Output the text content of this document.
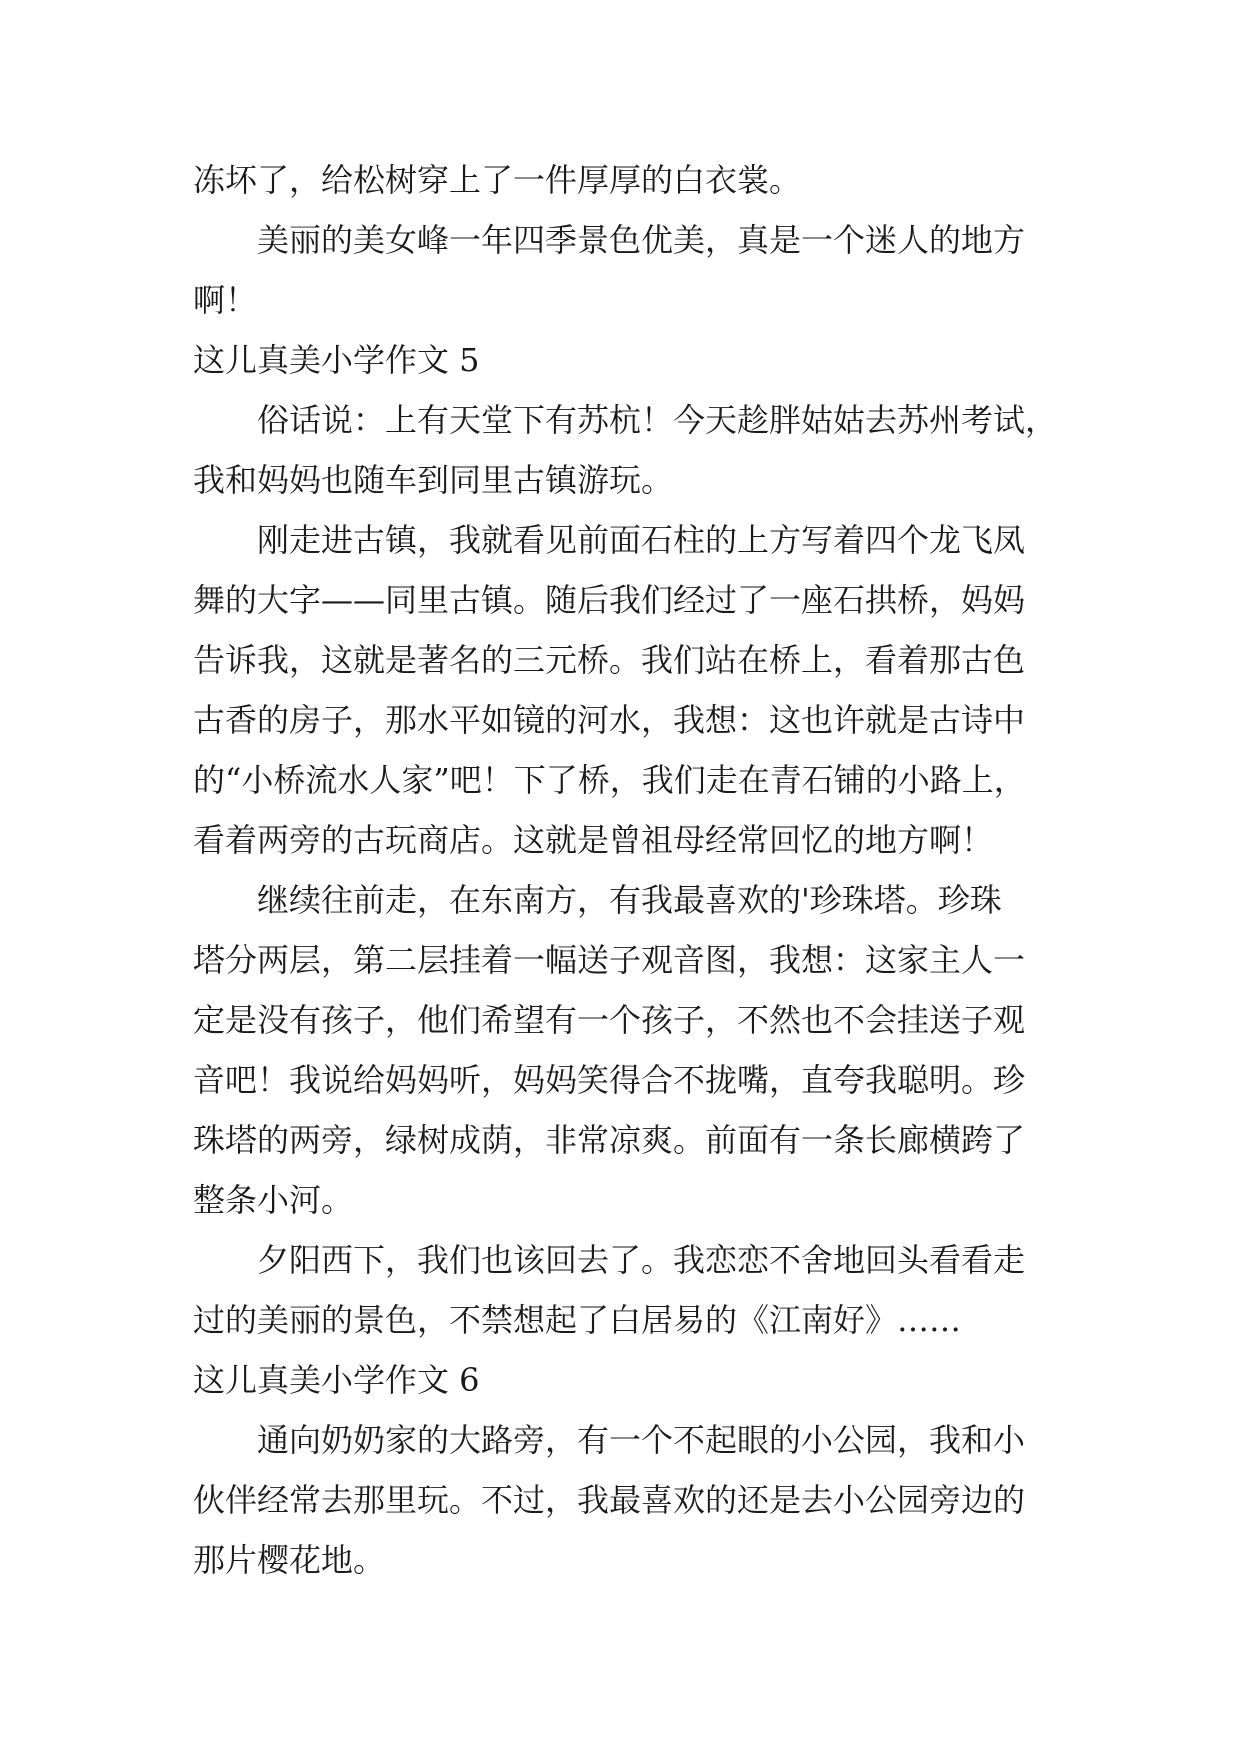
冻坏了，给松树穿上了一件厚厚的白衣裳。
美丽的美女峰一年四季景色优美，真是一个迷人的地方
啊！
这儿真美小学作文 5
俗话说：上有天堂下有苏杭！今天趁胖姑姑去苏州考试，
我和妈妈也随车到同里古镇游玩。
刚走进古镇，我就看见前面石柱的上方写着四个龙飞凤
舞的大字——同里古镇。随后我们经过了一座石拱桥，妈妈
告诉我，这就是著名的三元桥。我们站在桥上，看着那古色
古香的房子，那水平如镜的河水，我想：这也许就是古诗中
的“小桥流水人家”吧！下了桥，我们走在青石铺的小路上，
看着两旁的古玩商店。这就是曾祖母经常回忆的地方啊！
继续往前走，在东南方，有我最喜欢的'珍珠塔。珍珠
塔分两层，第二层挂着一幅送子观音图，我想：这家主人一
定是没有孩子，他们希望有一个孩子，不然也不会挂送子观
音吧！我说给妈妈听，妈妈笑得合不拢嘴，直夸我聪明。珍
珠塔的两旁，绿树成荫，非常凉爽。前面有一条长廊横跨了
整条小河。
夕阳西下，我们也该回去了。我恋恋不舍地回头看看走
过的美丽的景色，不禁想起了白居易的《江南好》……
这儿真美小学作文 6
通向奶奶家的大路旁，有一个不起眼的小公园，我和小
伙伴经常去那里玩。不过，我最喜欢的还是去小公园旁边的
那片樱花地。
